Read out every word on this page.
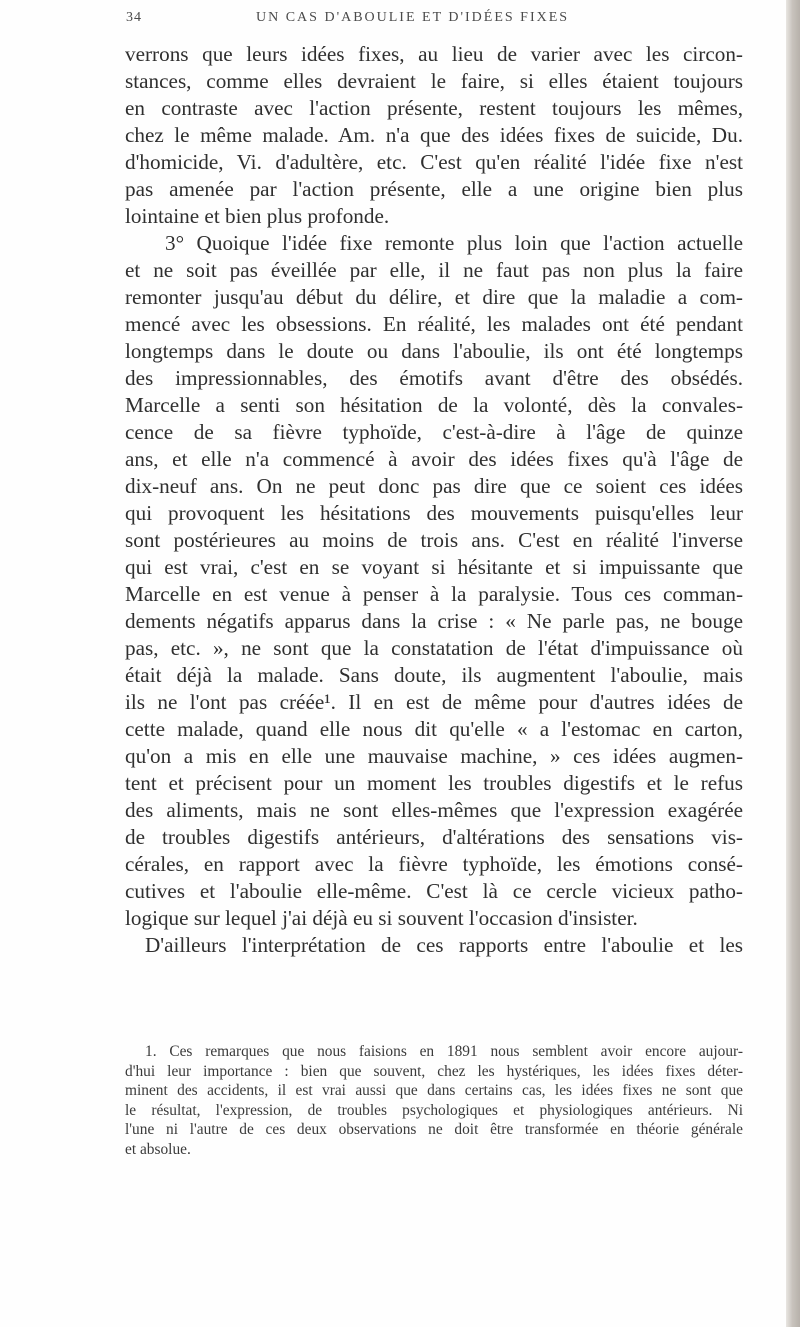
34	UN CAS D'ABOULIE ET D'IDÉES FIXES
verrons que leurs idées fixes, au lieu de varier avec les circon-
stances, comme elles devraient le faire, si elles étaient toujours
en contraste avec l'action présente, restent toujours les mêmes,
chez le même malade. Am. n'a que des idées fixes de suicide, Du.
d'homicide, Vi. d'adultère, etc. C'est qu'en réalité l'idée fixe n'est
pas amenée par l'action présente, elle a une origine bien plus
lointaine et bien plus profonde.
3° Quoique l'idée fixe remonte plus loin que l'action actuelle
et ne soit pas éveillée par elle, il ne faut pas non plus la faire
remonter jusqu'au début du délire, et dire que la maladie a com-
mencé avec les obsessions. En réalité, les malades ont été pendant
longtemps dans le doute ou dans l'aboulie, ils ont été longtemps
des impressionnables, des émotifs avant d'être des obsédés.
Marcelle a senti son hésitation de la volonté, dès la convales-
cence de sa fièvre typhoïde, c'est-à-dire à l'âge de quinze
ans, et elle n'a commencé à avoir des idées fixes qu'à l'âge de
dix-neuf ans. On ne peut donc pas dire que ce soient ces idées
qui provoquent les hésitations des mouvements puisqu'elles leur
sont postérieures au moins de trois ans. C'est en réalité l'inverse
qui est vrai, c'est en se voyant si hésitante et si impuissante que
Marcelle en est venue à penser à la paralysie. Tous ces comman-
dements négatifs apparus dans la crise : « Ne parle pas, ne bouge
pas, etc. », ne sont que la constatation de l'état d'impuissance où
était déjà la malade. Sans doute, ils augmentent l'aboulie, mais
ils ne l'ont pas créée¹. Il en est de même pour d'autres idées de
cette malade, quand elle nous dit qu'elle « a l'estomac en carton,
qu'on a mis en elle une mauvaise machine, » ces idées augmen-
tent et précisent pour un moment les troubles digestifs et le refus
des aliments, mais ne sont elles-mêmes que l'expression exagérée
de troubles digestifs antérieurs, d'altérations des sensations vis-
cérales, en rapport avec la fièvre typhoïde, les émotions consé-
cutives et l'aboulie elle-même. C'est là ce cercle vicieux patho-
logique sur lequel j'ai déjà eu si souvent l'occasion d'insister.
D'ailleurs l'interprétation de ces rapports entre l'aboulie et les
1. Ces remarques que nous faisions en 1891 nous semblent avoir encore aujour-
d'hui leur importance : bien que souvent, chez les hystériques, les idées fixes déter-
minent des accidents, il est vrai aussi que dans certains cas, les idées fixes ne sont que
le résultat, l'expression, de troubles psychologiques et physiologiques antérieurs. Ni
l'une ni l'autre de ces deux observations ne doit être transformée en théorie générale
et absolue.
